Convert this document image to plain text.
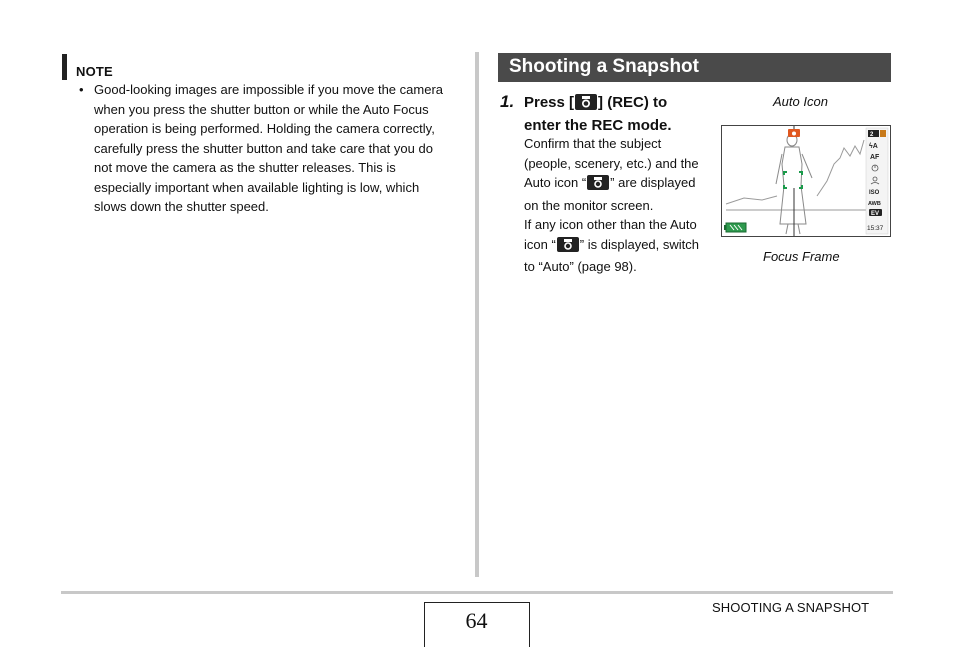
NOTE
• Good-looking images are impossible if you move the camera when you press the shutter button or while the Auto Focus operation is being performed. Holding the camera correctly, carefully press the shutter button and take care that you do not move the camera as the shutter releases. This is especially important when available lighting is low, which slows down the shutter speed.
Shooting a Snapshot
1. Press [ ] (REC) to
enter the REC mode.

Confirm that the subject (people, scenery, etc.) and the Auto icon “ ” are displayed on the monitor screen.

If any icon other than the Auto icon “ ” is displayed, switch to “Auto” (page 98).

Auto Icon
Focus Frame
2
ϟA
AF
ISO
AWB
EV
15:37
64
SHOOTING A SNAPSHOT
